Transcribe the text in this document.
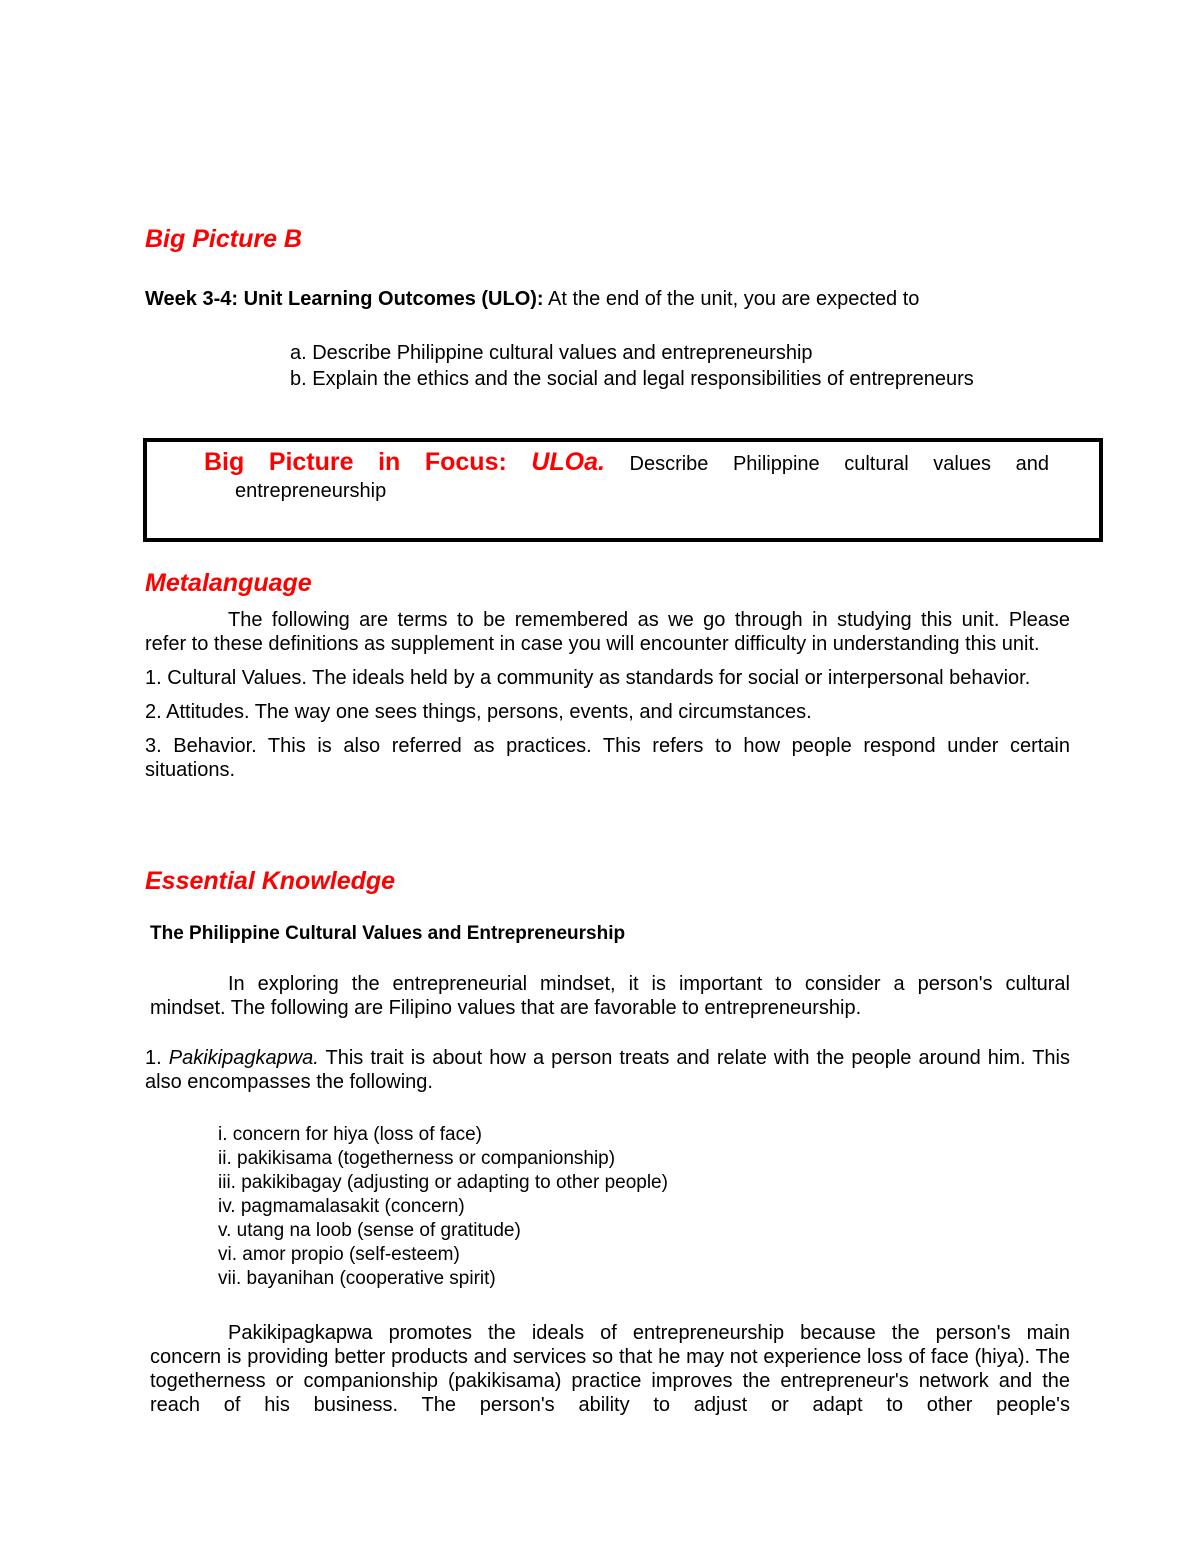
Big Picture B

Week 3-4: Unit Learning Outcomes (ULO): At the end of the unit, you are expected to

a. Describe Philippine cultural values and entrepreneurship
b. Explain the ethics and the social and legal responsibilities of entrepreneurs
Big Picture in Focus: ULOa. Describe Philippine cultural values and
entrepreneurship
Metalanguage
The following are terms to be remembered as we go through in studying this unit. Please
refer to these definitions as supplement in case you will encounter difficulty in understanding this unit.
1. Cultural Values. The ideals held by a community as standards for social or interpersonal behavior.
2. Attitudes. The way one sees things, persons, events, and circumstances.
3. Behavior. This is also referred as practices. This refers to how people respond under certain situations.
Essential Knowledge
The Philippine Cultural Values and Entrepreneurship
In exploring the entrepreneurial mindset, it is important to consider a person's cultural
mindset. The following are Filipino values that are favorable to entrepreneurship.
1. Pakikipagkapwa. This trait is about how a person treats and relate with the people around him. This also encompasses the following.
i. concern for hiya (loss of face)
ii. pakikisama (togetherness or companionship)
iii. pakikibagay (adjusting or adapting to other people)
iv. pagmamalasakit (concern)
v. utang na loob (sense of gratitude)
vi. amor propio (self-esteem)
vii. bayanihan (cooperative spirit)
Pakikipagkapwa promotes the ideals of entrepreneurship because the person's main
concern is providing better products and services so that he may not experience loss of face (hiya). The togetherness or companionship (pakikisama) practice improves the entrepreneur's network and the reach of his business. The person's ability to adjust or adapt to other people's
